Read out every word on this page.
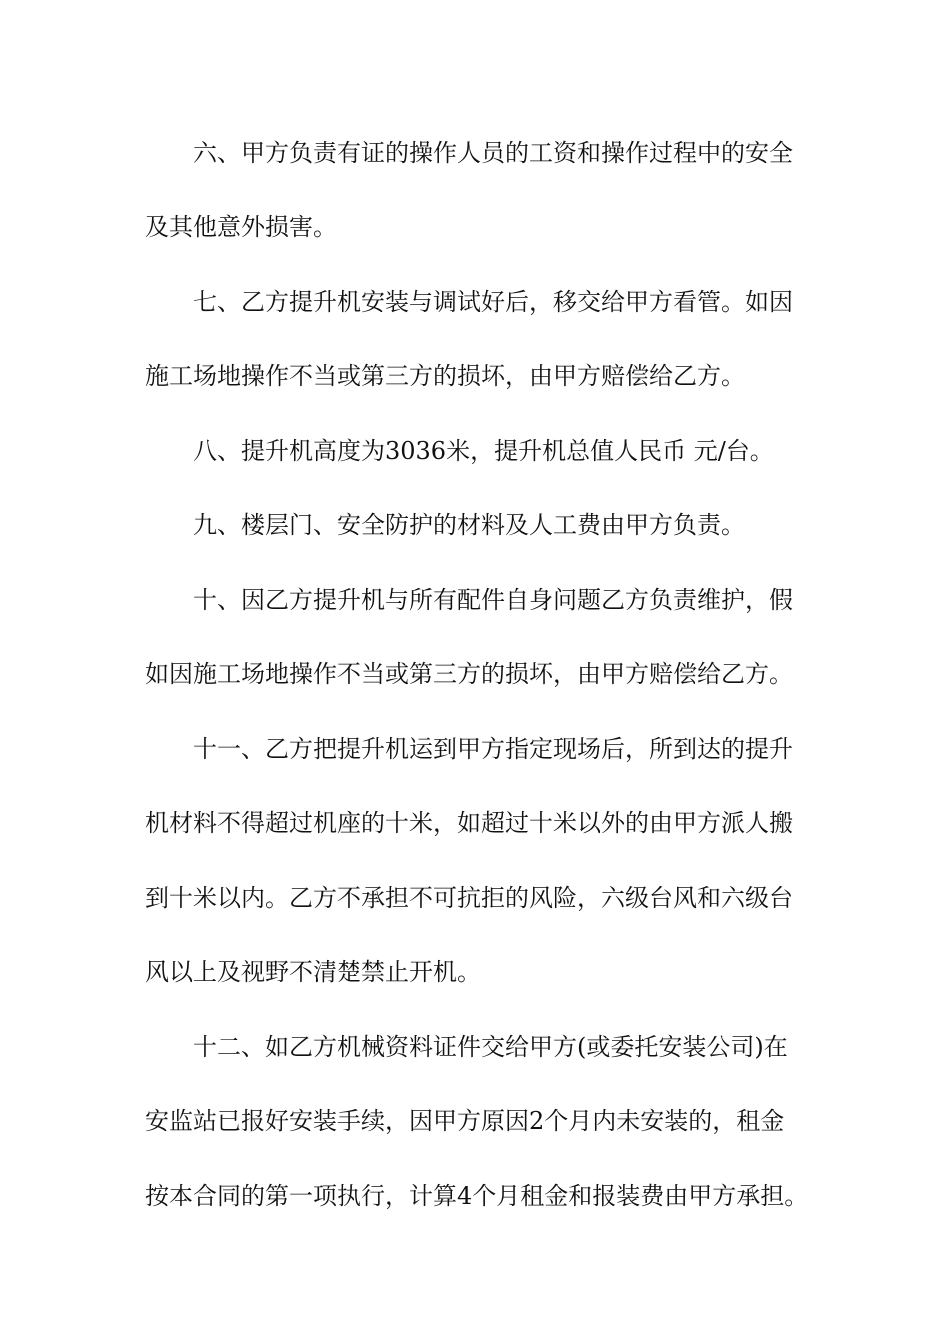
六、甲方负责有证的操作人员的工资和操作过程中的安全
及其他意外损害。
七、乙方提升机安装与调试好后，移交给甲方看管。如因
施工场地操作不当或第三方的损坏，由甲方赔偿给乙方。
八、提升机高度为3036米，提升机总值人民币 元/台。
九、楼层门、安全防护的材料及人工费由甲方负责。
十、因乙方提升机与所有配件自身问题乙方负责维护，假
如因施工场地操作不当或第三方的损坏，由甲方赔偿给乙方。
十一、乙方把提升机运到甲方指定现场后，所到达的提升
机材料不得超过机座的十米，如超过十米以外的由甲方派人搬
到十米以内。乙方不承担不可抗拒的风险，六级台风和六级台
风以上及视野不清楚禁止开机。
十二、如乙方机械资料证件交给甲方(或委托安装公司)在
安监站已报好安装手续，因甲方原因2个月内未安装的，租金
按本合同的第一项执行，计算4个月租金和报装费由甲方承担。
